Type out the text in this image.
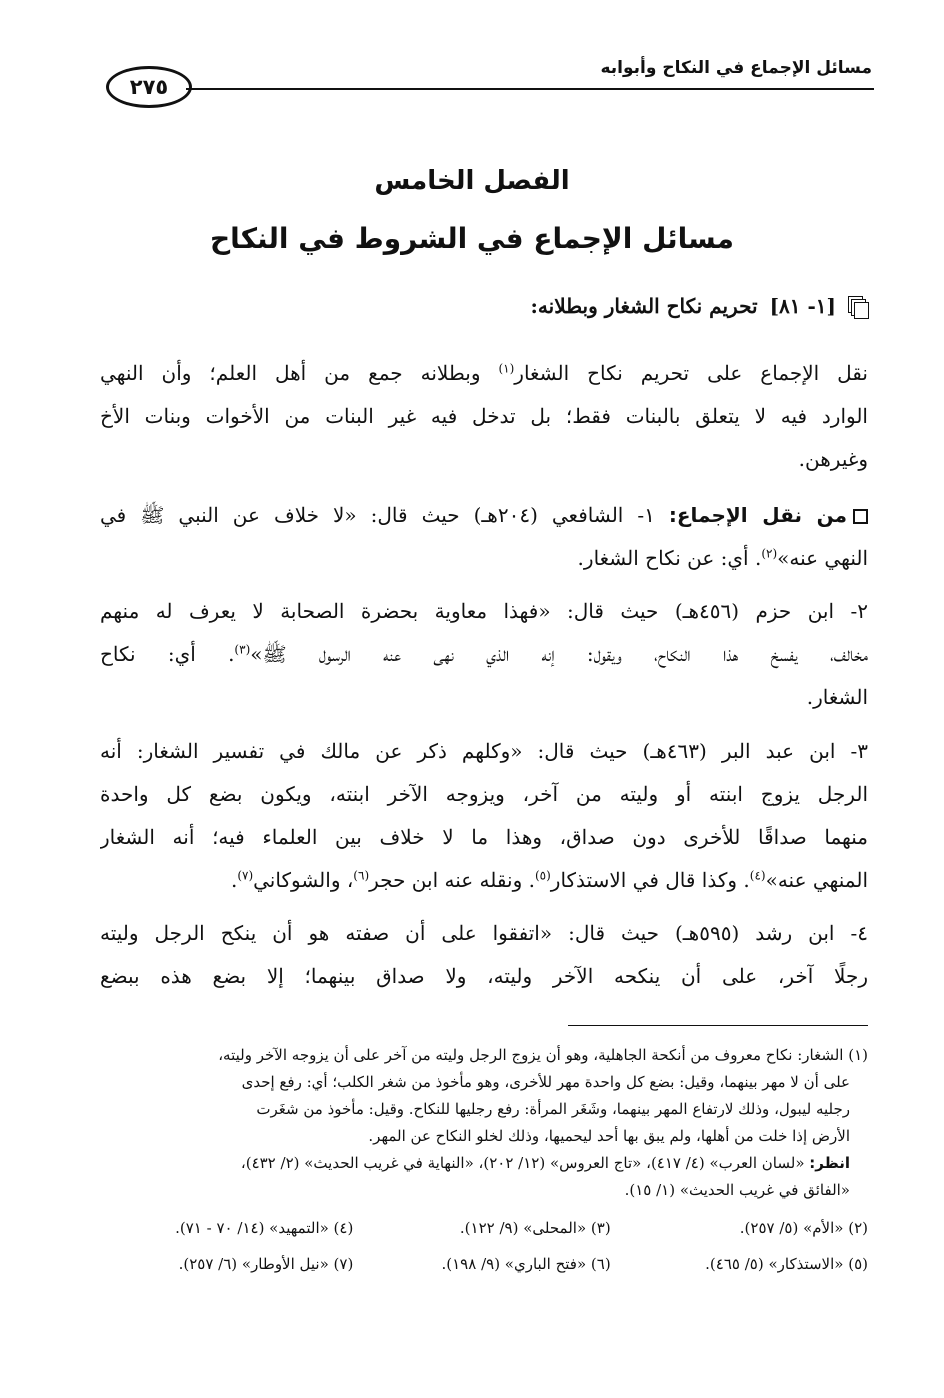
مسائل الإجماع في النكاح وأبوابه
٢٧٥
الفصل الخامس
مسائل الإجماع في الشروط في النكاح
[١- ٨١]
تحريم نكاح الشغار وبطلانه:
نقل الإجماع على تحريم نكاح الشغار$^{(١)}$ وبطلانه جمع من أهل العلم؛ وأن النهي
الوارد فيه لا يتعلق بالبنات فقط؛ بل تدخل فيه غير البنات من الأخوات وبنات الأخ
وغيرهن.
من نقل الإجماع: ١- الشافعي (٢٠٤هـ) حيث قال: «لا خلاف عن النبي ﷺ في
النهي عنه»$^{(٢)}$. أي: عن نكاح الشغار.
٢- ابن حزم (٤٥٦هـ) حيث قال: «فهذا معاوية بحضرة الصحابة لا يعرف له منهم
مخالف، يفسخ هذا النكاح، ويقول: إنه الذي نهى عنه الرسول ﷺ»$^{(٣)}$. أي: نكاح
الشغار.
٣- ابن عبد البر (٤٦٣هـ) حيث قال: «وكلهم ذكر عن مالك في تفسير الشغار: أنه
الرجل يزوج ابنته أو وليته من آخر، ويزوجه الآخر ابنته، ويكون بضع كل واحدة
منهما صداقًا للأخرى دون صداق، وهذا ما لا خلاف بين العلماء فيه؛ أنه الشغار
المنهي عنه»$^{(٤)}$. وكذا قال في الاستذكار$^{(٥)}$. ونقله عنه ابن حجر$^{(٦)}$، والشوكاني$^{(٧)}$.
٤- ابن رشد (٥٩٥هـ) حيث قال: «اتفقوا على أن صفته هو أن ينكح الرجل وليته
رجلًا آخر، على أن ينكحه الآخر وليته، ولا صداق بينهما؛ إلا بضع هذه ببضع
(١) الشغار: نكاح معروف من أنكحة الجاهلية، وهو أن يزوج الرجل وليته من آخر على أن يزوجه الآخر وليته،
على أن لا مهر بينهما، وقيل: بضع كل واحدة مهر للأخرى، وهو مأخوذ من شغر الكلب؛ أي: رفع إحدى
رجليه ليبول، وذلك لارتفاع المهر بينهما، وشَغَر المرأة: رفع رجليها للنكاح. وقيل: مأخوذ من شغَرت
الأرض إذا خلت من أهلها، ولم يبق بها أحد ليحميها، وذلك لخلو النكاح عن المهر.
انظر: «لسان العرب» (٤/ ٤١٧)، «تاج العروس» (١٢/ ٢٠٢)، «النهاية في غريب الحديث» (٢/ ٤٣٢)،
«الفائق في غريب الحديث» (١/ ١٥).
(٢) «الأم» (٥/ ٢٥٧).
(٣) «المحلى» (٩/ ١٢٢).
(٤) «التمهيد» (١٤/ ٧٠ - ٧١).
(٥) «الاستذكار» (٥/ ٤٦٥).
(٦) «فتح الباري» (٩/ ١٩٨).
(٧) «نيل الأوطار» (٦/ ٢٥٧).
